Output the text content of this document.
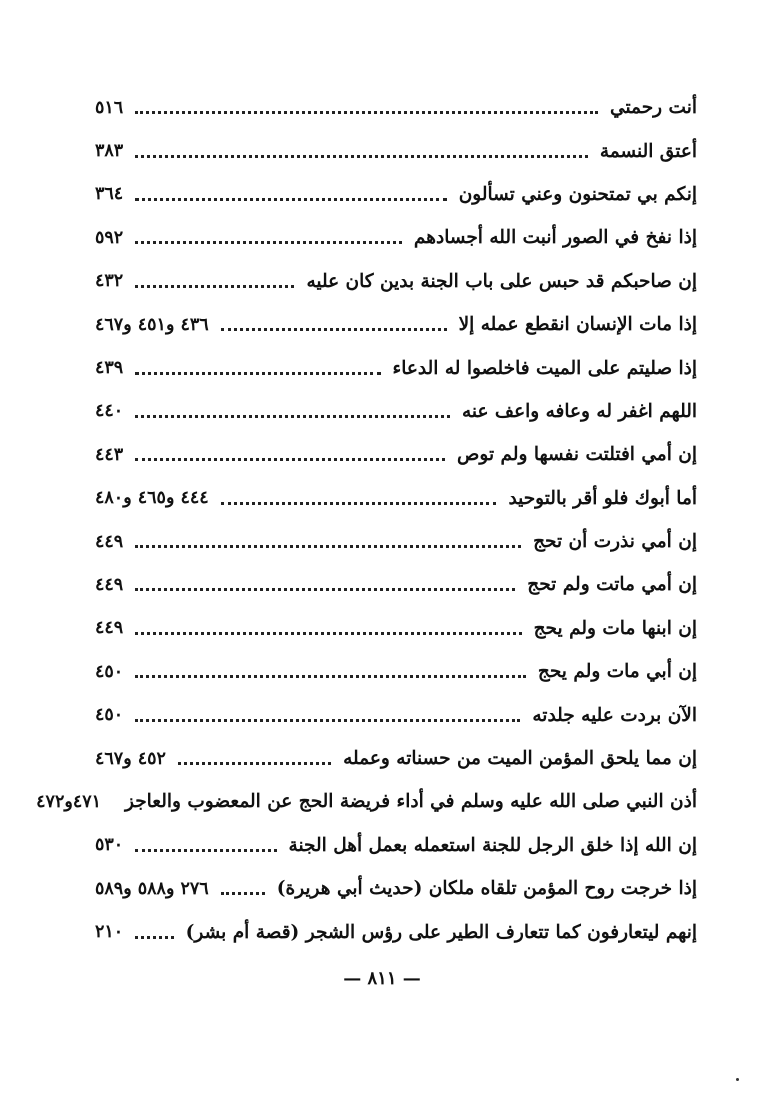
أنت رحمتي
٥١٦
أعتق النسمة
٣٨٣
إنكم بي تمتحنون وعني تسألون
٣٦٤
إذا نفخ في الصور أنبت الله أجسادهم
٥٩٢
إن صاحبكم قد حبس على باب الجنة بدين كان عليه
٤٣٢
إذا مات الإنسان انقطع عمله إلا
٤٣٦ و٤٥١ و٤٦٧
إذا صليتم على الميت فاخلصوا له الدعاء
٤٣٩
اللهم اغفر له وعافه واعف عنه
٤٤٠
إن أمي افتلتت نفسها ولم توص
٤٤٣
أما أبوك فلو أقر بالتوحيد
٤٤٤ و٤٦٥ و٤٨٠
إن أمي نذرت أن تحج
٤٤٩
إن أمي ماتت ولم تحج
٤٤٩
إن ابنها مات ولم يحج
٤٤٩
إن أبي مات ولم يحج
٤٥٠
الآن بردت عليه جلدته
٤٥٠
إن مما يلحق المؤمن الميت من حسناته وعمله
٤٥٢ و٤٦٧
أذن النبي صلى الله عليه وسلم في أداء فريضة الحج عن المعضوب والعاجز
٤٧١و٤٧٢
إن الله إذا خلق الرجل للجنة استعمله بعمل أهل الجنة
٥٣٠
إذا خرجت روح المؤمن تلقاه ملكان (حديث أبي هريرة)
٢٧٦ و٥٨٨ و٥٨٩
إنهم ليتعارفون كما تتعارف الطير على رؤس الشجر (قصة أم بشر)
٢١٠
— ٨١١ —
